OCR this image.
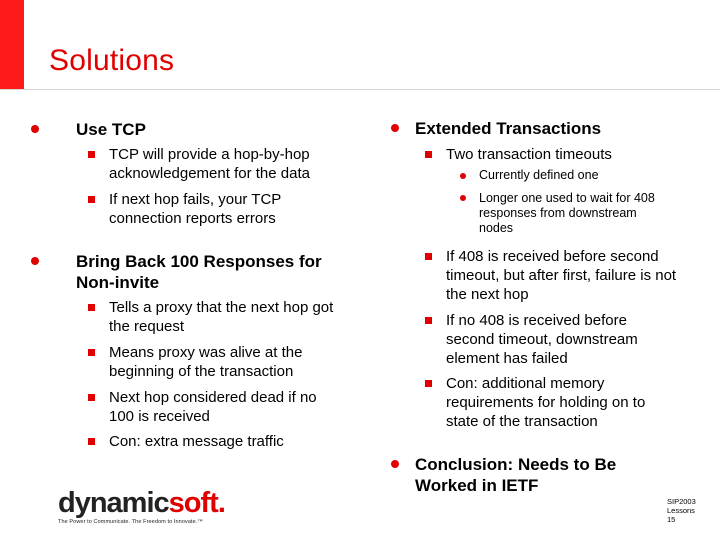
Solutions
Use TCP
TCP will provide a hop-by-hop
acknowledgement for the data
If next hop fails, your TCP
connection reports errors
Bring Back 100 Responses for
Non-invite
Tells a proxy that the next hop got
the request
Means proxy was alive at the
beginning of the transaction
Next hop considered dead if no
100 is received
Con: extra message traffic
Extended Transactions
Two transaction timeouts
Currently defined one
Longer one used to wait for 408
responses from downstream
nodes
If 408 is received before second
timeout, but after first, failure is not
the next hop
If no 408 is received before
second timeout, downstream
element has failed
Con: additional memory
requirements for holding on to
state of the transaction
Conclusion: Needs to Be
Worked in IETF
dynamicsoft.
The Power to Communicate. The Freedom to Innovate.™
SIP2003
Lessons
15
